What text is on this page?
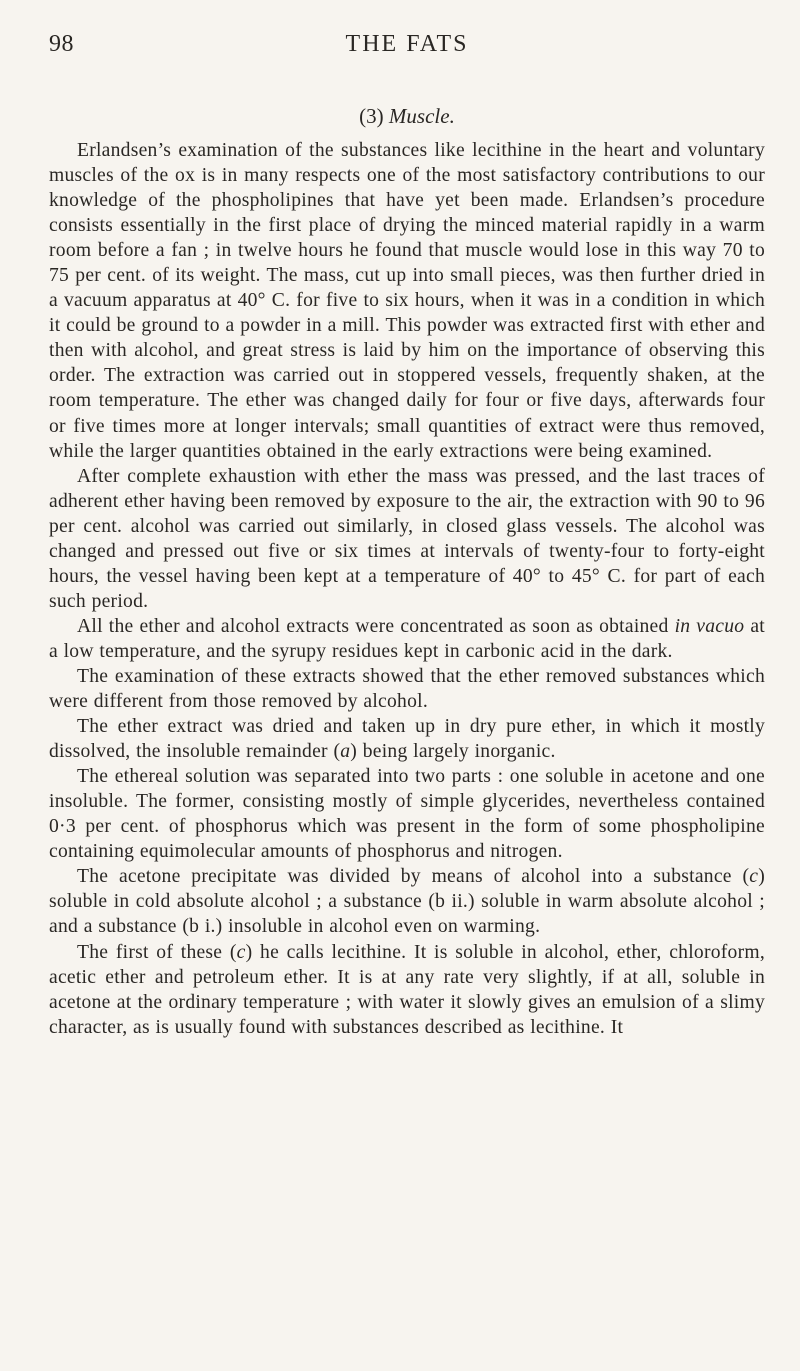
98	THE FATS
(3) Muscle.

Erlandsen’s examination of the substances like lecithine in the heart and voluntary muscles of the ox is in many respects one of the most satisfactory contributions to our knowledge of the phospholipines that have yet been made. Erlandsen’s procedure consists essentially in the first place of drying the minced material rapidly in a warm room before a fan ; in twelve hours he found that muscle would lose in this way 70 to 75 per cent. of its weight. The mass, cut up into small pieces, was then further dried in a vacuum apparatus at 40° C. for five to six hours, when it was in a condition in which it could be ground to a powder in a mill. This powder was extracted first with ether and then with alcohol, and great stress is laid by him on the importance of observing this order. The extraction was carried out in stoppered vessels, frequently shaken, at the room temperature. The ether was changed daily for four or five days, afterwards four or five times more at longer intervals; small quantities of extract were thus removed, while the larger quantities obtained in the early extractions were being examined.

After complete exhaustion with ether the mass was pressed, and the last traces of adherent ether having been removed by exposure to the air, the extraction with 90 to 96 per cent. alcohol was carried out similarly, in closed glass vessels. The alcohol was changed and pressed out five or six times at intervals of twenty-four to forty-eight hours, the vessel having been kept at a temperature of 40° to 45° C. for part of each such period.

All the ether and alcohol extracts were concentrated as soon as obtained in vacuo at a low temperature, and the syrupy residues kept in carbonic acid in the dark.

The examination of these extracts showed that the ether removed substances which were different from those removed by alcohol.

The ether extract was dried and taken up in dry pure ether, in which it mostly dissolved, the insoluble remainder (a) being largely inorganic.

The ethereal solution was separated into two parts : one soluble in acetone and one insoluble. The former, consisting mostly of simple glycerides, nevertheless contained 0·3 per cent. of phosphorus which was present in the form of some phospholipine containing equimolecular amounts of phosphorus and nitrogen.

The acetone precipitate was divided by means of alcohol into a substance (c) soluble in cold absolute alcohol ; a substance (b ii.) soluble in warm absolute alcohol ; and a substance (b i.) insoluble in alcohol even on warming.

The first of these (c) he calls lecithine. It is soluble in alcohol, ether, chloroform, acetic ether and petroleum ether. It is at any rate very slightly, if at all, soluble in acetone at the ordinary temperature ; with water it slowly gives an emulsion of a slimy character, as is usually found with substances described as lecithine. It
